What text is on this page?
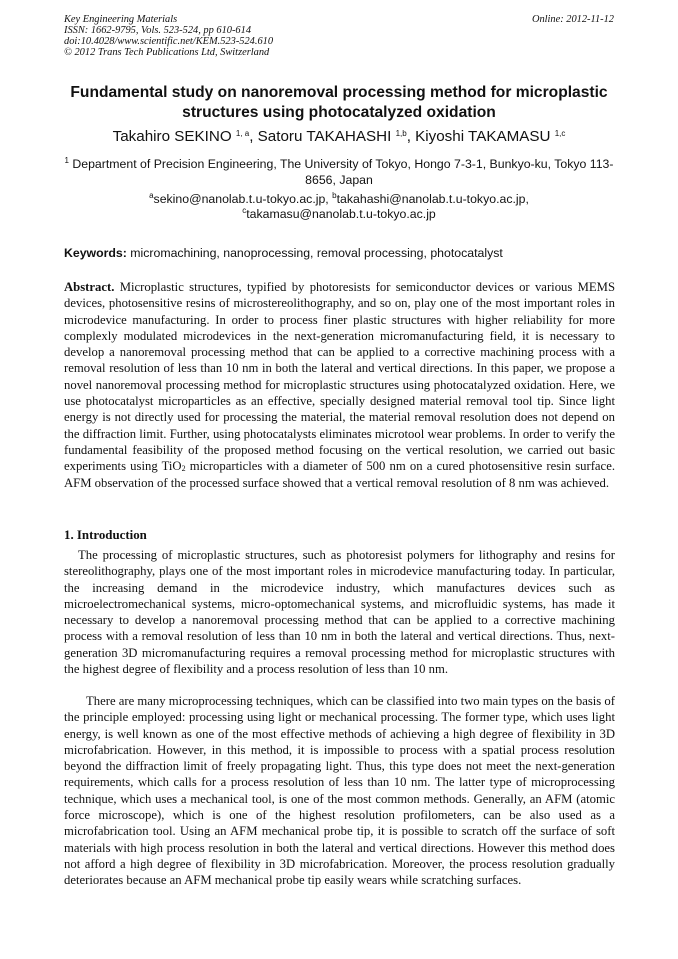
Key Engineering Materials
ISSN: 1662-9795, Vols. 523-524, pp 610-614
doi:10.4028/www.scientific.net/KEM.523-524.610
© 2012 Trans Tech Publications Ltd, Switzerland
Online: 2012-11-12
Fundamental study on nanoremoval processing method for microplastic structures using photocatalyzed oxidation
Takahiro SEKINO $^{1, a}$, Satoru TAKAHASHI $^{1,b}$, Kiyoshi TAKAMASU $^{1,c}$
$^1$ Department of Precision Engineering, The University of Tokyo, Hongo 7-3-1, Bunkyo-ku, Tokyo 113-8656, Japan
$^a$sekino@nanolab.t.u-tokyo.ac.jp, $^b$takahashi@nanolab.t.u-tokyo.ac.jp,
$^c$takamasu@nanolab.t.u-tokyo.ac.jp
Keywords: micromachining, nanoprocessing, removal processing, photocatalyst
Abstract. Microplastic structures, typified by photoresists for semiconductor devices or various MEMS devices, photosensitive resins of microstereolithography, and so on, play one of the most important roles in microdevice manufacturing. In order to process finer plastic structures with higher reliability for more complexly modulated microdevices in the next-generation micromanufacturing field, it is necessary to develop a nanoremoval processing method that can be applied to a corrective machining process with a removal resolution of less than 10 nm in both the lateral and vertical directions. In this paper, we propose a novel nanoremoval processing method for microplastic structures using photocatalyzed oxidation. Here, we use photocatalyst microparticles as an effective, specially designed material removal tool tip. Since light energy is not directly used for processing the material, the material removal resolution does not depend on the diffraction limit. Further, using photocatalysts eliminates microtool wear problems. In order to verify the fundamental feasibility of the proposed method focusing on the vertical resolution, we carried out basic experiments using TiO$_2$ microparticles with a diameter of 500 nm on a cured photosensitive resin surface. AFM observation of the processed surface showed that a vertical removal resolution of 8 nm was achieved.
1. Introduction
The processing of microplastic structures, such as photoresist polymers for lithography and resins for stereolithography, plays one of the most important roles in microdevice manufacturing today. In particular, the increasing demand in the microdevice industry, which manufactures devices such as microelectromechanical systems, micro-optomechanical systems, and microfluidic systems, has made it necessary to develop a nanoremoval processing method that can be applied to a corrective machining process with a removal resolution of less than 10 nm in both the lateral and vertical directions. Thus, next-generation 3D micromanufacturing requires a removal processing method for microplastic structures with the highest degree of flexibility and a process resolution of less than 10 nm.
There are many microprocessing techniques, which can be classified into two main types on the basis of the principle employed: processing using light or mechanical processing. The former type, which uses light energy, is well known as one of the most effective methods of achieving a high degree of flexibility in 3D microfabrication. However, in this method, it is impossible to process with a spatial process resolution beyond the diffraction limit of freely propagating light. Thus, this type does not meet the next-generation requirements, which calls for a process resolution of less than 10 nm. The latter type of microprocessing technique, which uses a mechanical tool, is one of the most common methods. Generally, an AFM (atomic force microscope), which is one of the highest resolution profilometers, can be also used as a microfabrication tool. Using an AFM mechanical probe tip, it is possible to scratch off the surface of soft materials with high process resolution in both the lateral and vertical directions. However this method does not afford a high degree of flexibility in 3D microfabrication. Moreover, the process resolution gradually deteriorates because an AFM mechanical probe tip easily wears while scratching surfaces.
